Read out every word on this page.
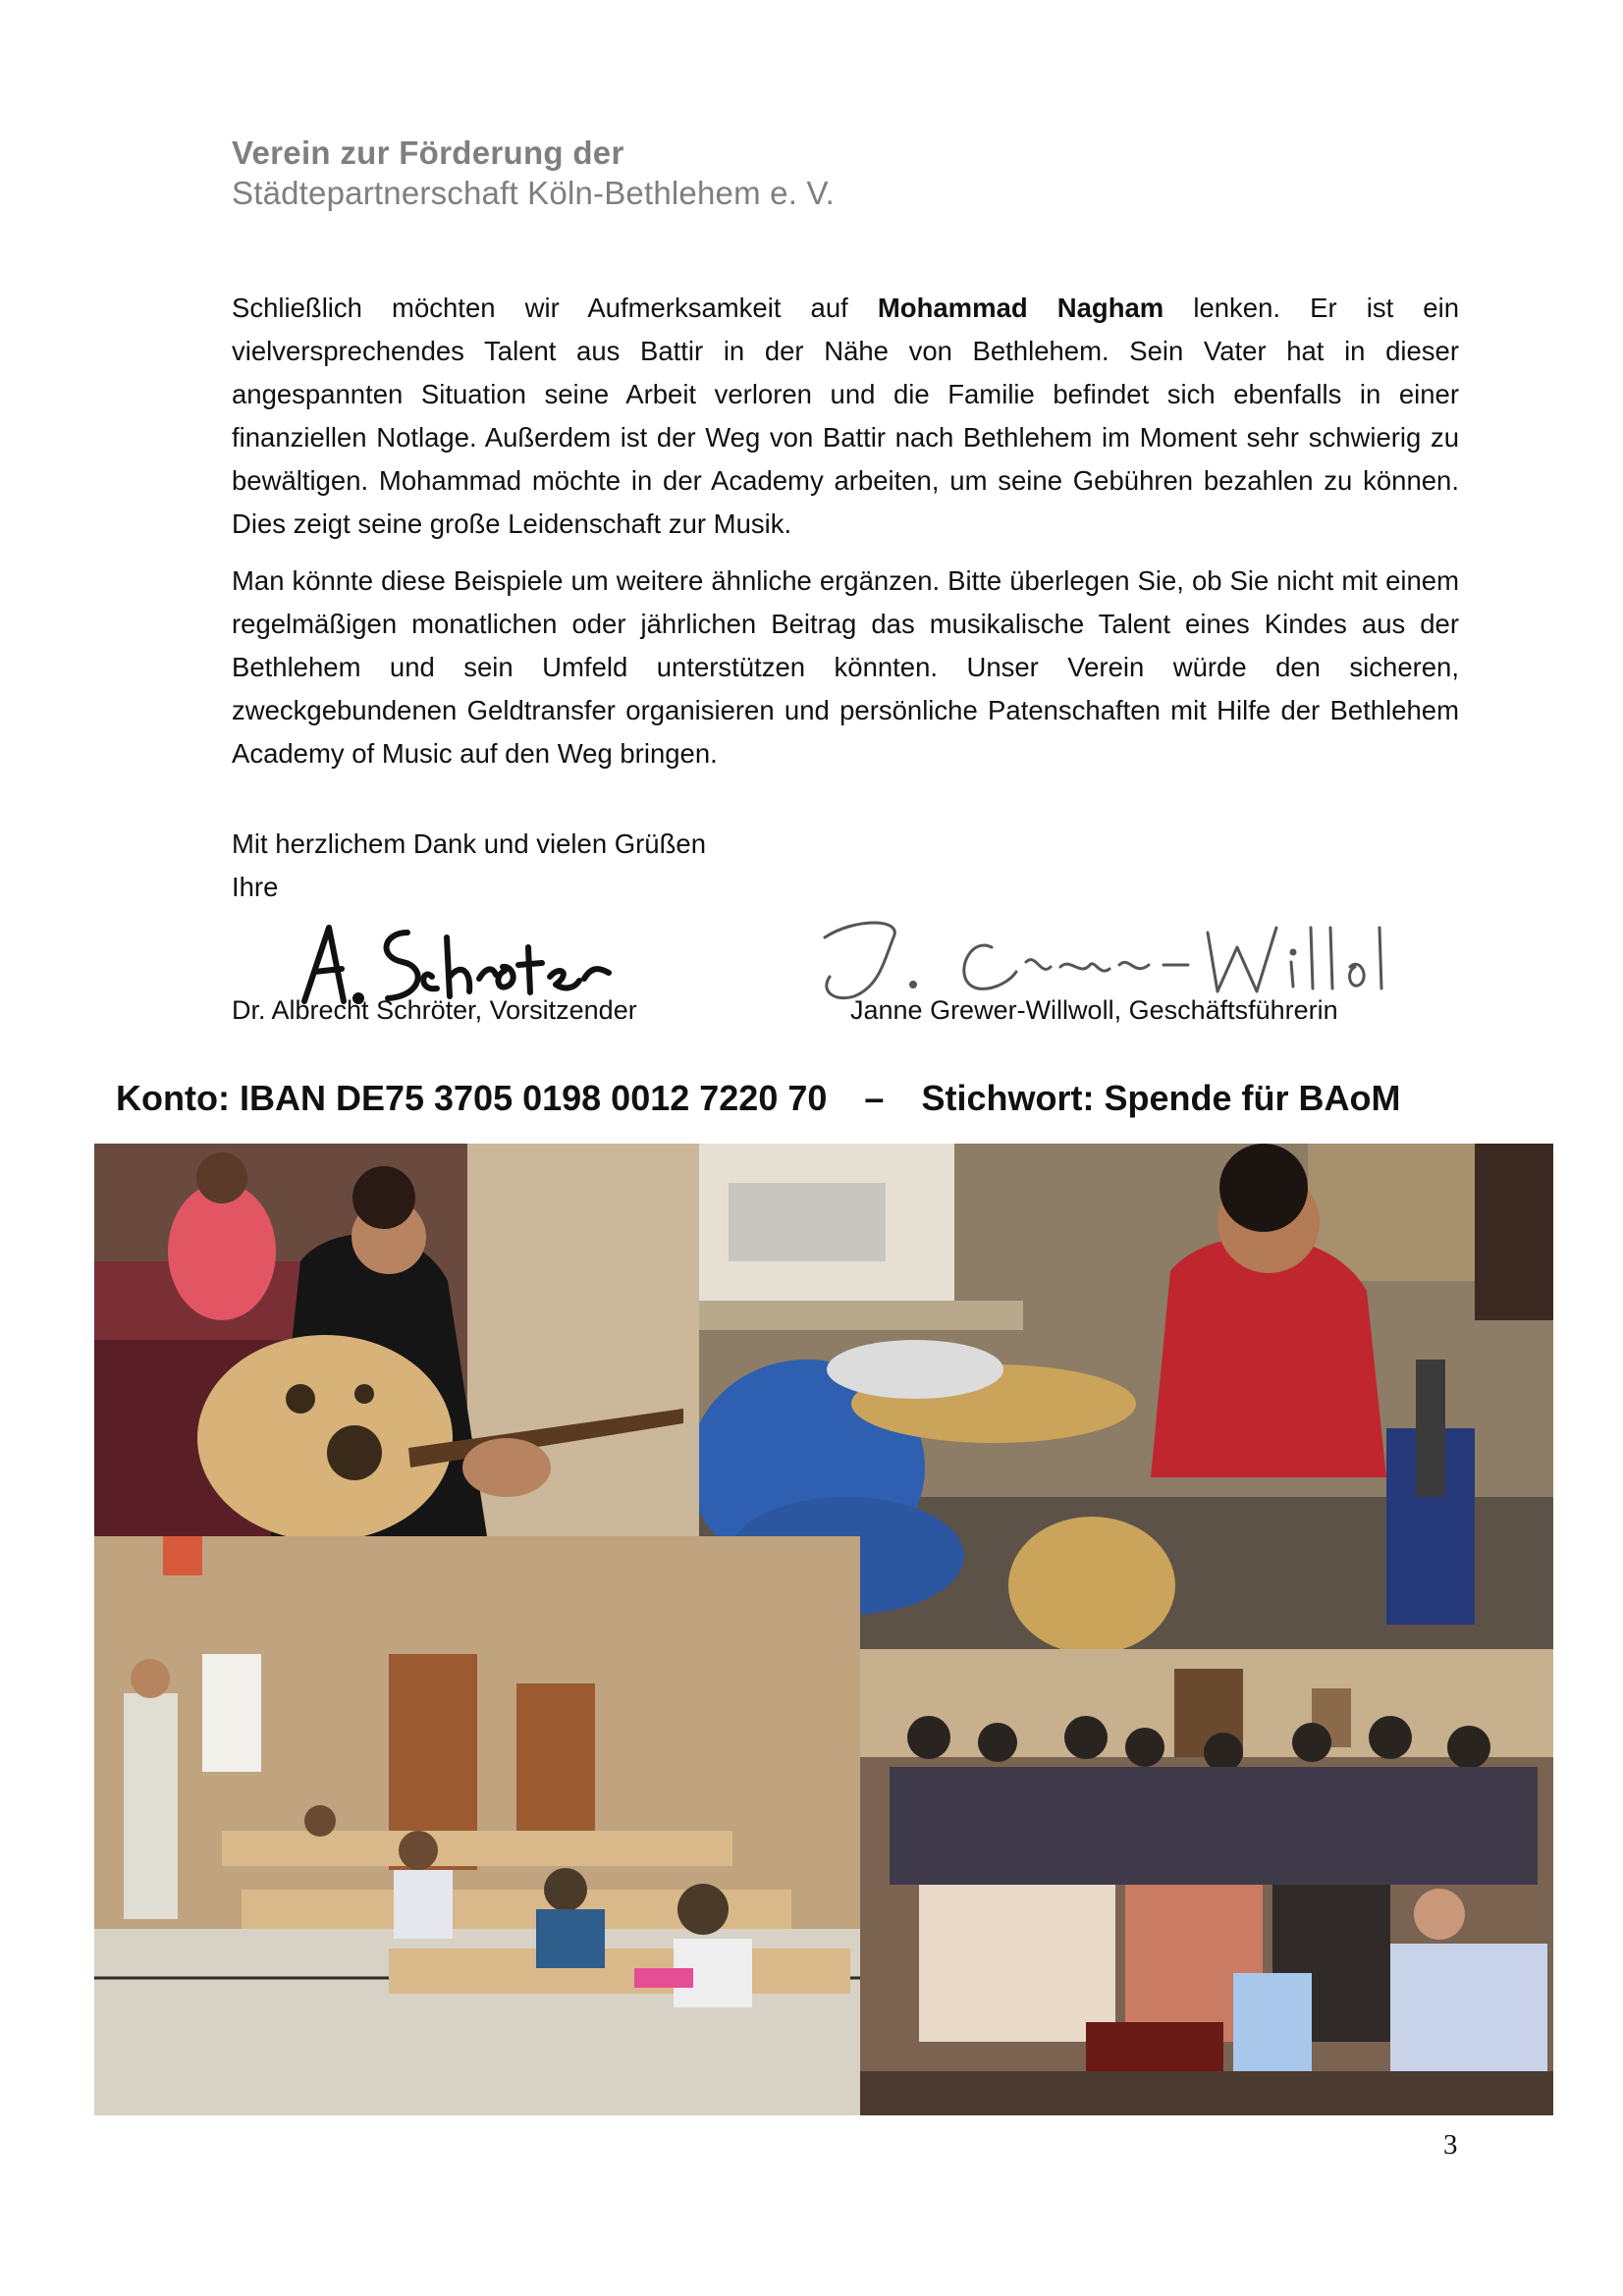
Verein zur Förderung der
Städtepartnerschaft Köln-Bethlehem e. V.

Schließlich möchten wir Aufmerksamkeit auf Mohammad Nagham lenken. Er ist ein vielversprechendes Talent aus Battir in der Nähe von Bethlehem. Sein Vater hat in dieser angespannten Situation seine Arbeit verloren und die Familie befindet sich ebenfalls in einer finanziellen Notlage. Außerdem ist der Weg von Battir nach Bethlehem im Moment sehr schwierig zu bewältigen. Mohammad möchte in der Academy arbeiten, um seine Gebühren bezahlen zu können. Dies zeigt seine große Leidenschaft zur Musik.

Man könnte diese Beispiele um weitere ähnliche ergänzen. Bitte überlegen Sie, ob Sie nicht mit einem regelmäßigen monatlichen oder jährlichen Beitrag das musikalische Talent eines Kindes aus der Bethlehem und sein Umfeld unterstützen könnten. Unser Verein würde den sicheren, zweckgebundenen Geldtransfer organisieren und persönliche Patenschaften mit Hilfe der Bethlehem Academy of Music auf den Weg bringen.

Mit herzlichem Dank und vielen Grüßen
Ihre
Dr. Albrecht Schröter, Vorsitzender	Janne Grewer-Willwoll, Geschäftsführerin
Konto: IBAN DE75 3705 0198 0012 7220 70 – Stichwort: Spende für BAoM
3
